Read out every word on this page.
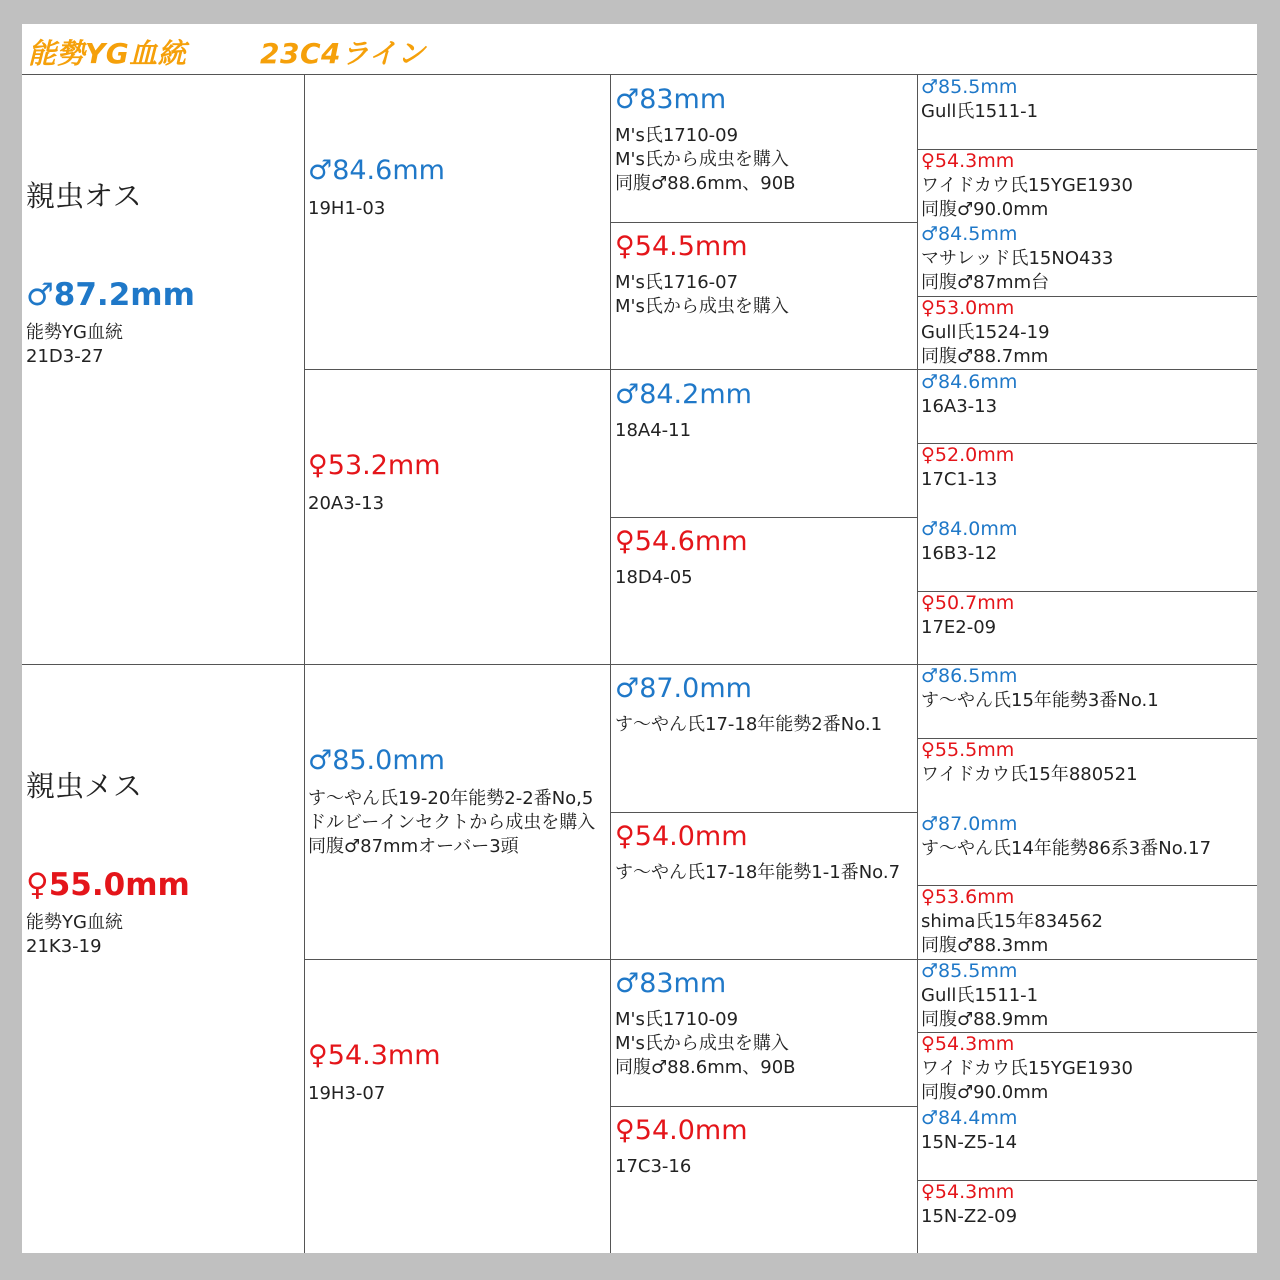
能勢YG血統	23C4ライン
親虫オス
♂87.2mm
能勢YG血統
21D3-27
親虫メス
♀55.0mm
能勢YG血統
21K3-19
♂84.6mm
19H1-03
♀53.2mm
20A3-13
♂85.0mm
す～やん氏19-20年能勢2-2番No,5
ドルビーインセクトから成虫を購入
同腹♂87mmオーバー3頭
♀54.3mm
19H3-07
♂83mm
M's氏1710-09
M's氏から成虫を購入
同腹♂88.6mm、90B
♀54.5mm
M's氏1716-07
M's氏から成虫を購入
♂84.2mm
18A4-11
♀54.6mm
18D4-05
♂87.0mm
す～やん氏17-18年能勢2番No.1
♀54.0mm
す～やん氏17-18年能勢1-1番No.7
♂83mm
M's氏1710-09
M's氏から成虫を購入
同腹♂88.6mm、90B
♀54.0mm
17C3-16
♂85.5mm
Gull氏1511-1
♀54.3mm
ワイドカウ氏15YGE1930
同腹♂90.0mm
♂84.5mm
マサレッド氏15NO433
同腹♂87mm台
♀53.0mm
Gull氏1524-19
同腹♂88.7mm
♂84.6mm
16A3-13
♀52.0mm
17C1-13
♂84.0mm
16B3-12
♀50.7mm
17E2-09
♂86.5mm
す～やん氏15年能勢3番No.1
♀55.5mm
ワイドカウ氏15年880521
♂87.0mm
す～やん氏14年能勢86系3番No.17
♀53.6mm
shima氏15年834562
同腹♂88.3mm
♂85.5mm
Gull氏1511-1
同腹♂88.9mm
♀54.3mm
ワイドカウ氏15YGE1930
同腹♂90.0mm
♂84.4mm
15N-Z5-14
♀54.3mm
15N-Z2-09
